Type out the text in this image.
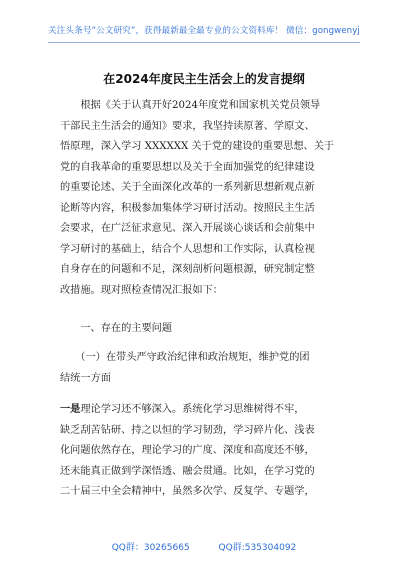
关注头条号“公文研究”，获得最新最全最专业的公文资料库！ 微信：gongwenyj
在2024年度民主生活会上的发言提纲
　　根据《关于认真开好2024年度党和国家机关党员领导
干部民主生活会的通知》要求，我坚持读原著、学原文、
悟原理，深入学习 XXXXXX 关于党的建设的重要思想、关于
党的自我革命的重要思想以及关于全面加强党的纪律建设
的重要论述、关于全面深化改革的一系列新思想新观点新
论断等内容，积极参加集体学习研讨活动。按照民主生活
会要求，在广泛征求意见、深入开展谈心谈话和会前集中
学习研讨的基础上，结合个人思想和工作实际，认真检视
自身存在的问题和不足，深刻剖析问题根源，研究制定整
改措施。现对照检查情况汇报如下：
　　一、存在的主要问题
　　（一）在带头严守政治纪律和政治规矩，维护党的团
结统一方面
一是理论学习还不够深入。系统化学习思维树得不牢，
缺乏刮苦钻研、持之以恒的学习韧劲，学习碎片化、浅表
化问题依然存在，理论学习的广度、深度和高度还不够，
还未能真正做到学深悟透、融会贯通。比如，在学习党的
二十届三中全会精神中，虽然多次学、反复学、专题学，
QQ群：30265665	QQ群:535304092
